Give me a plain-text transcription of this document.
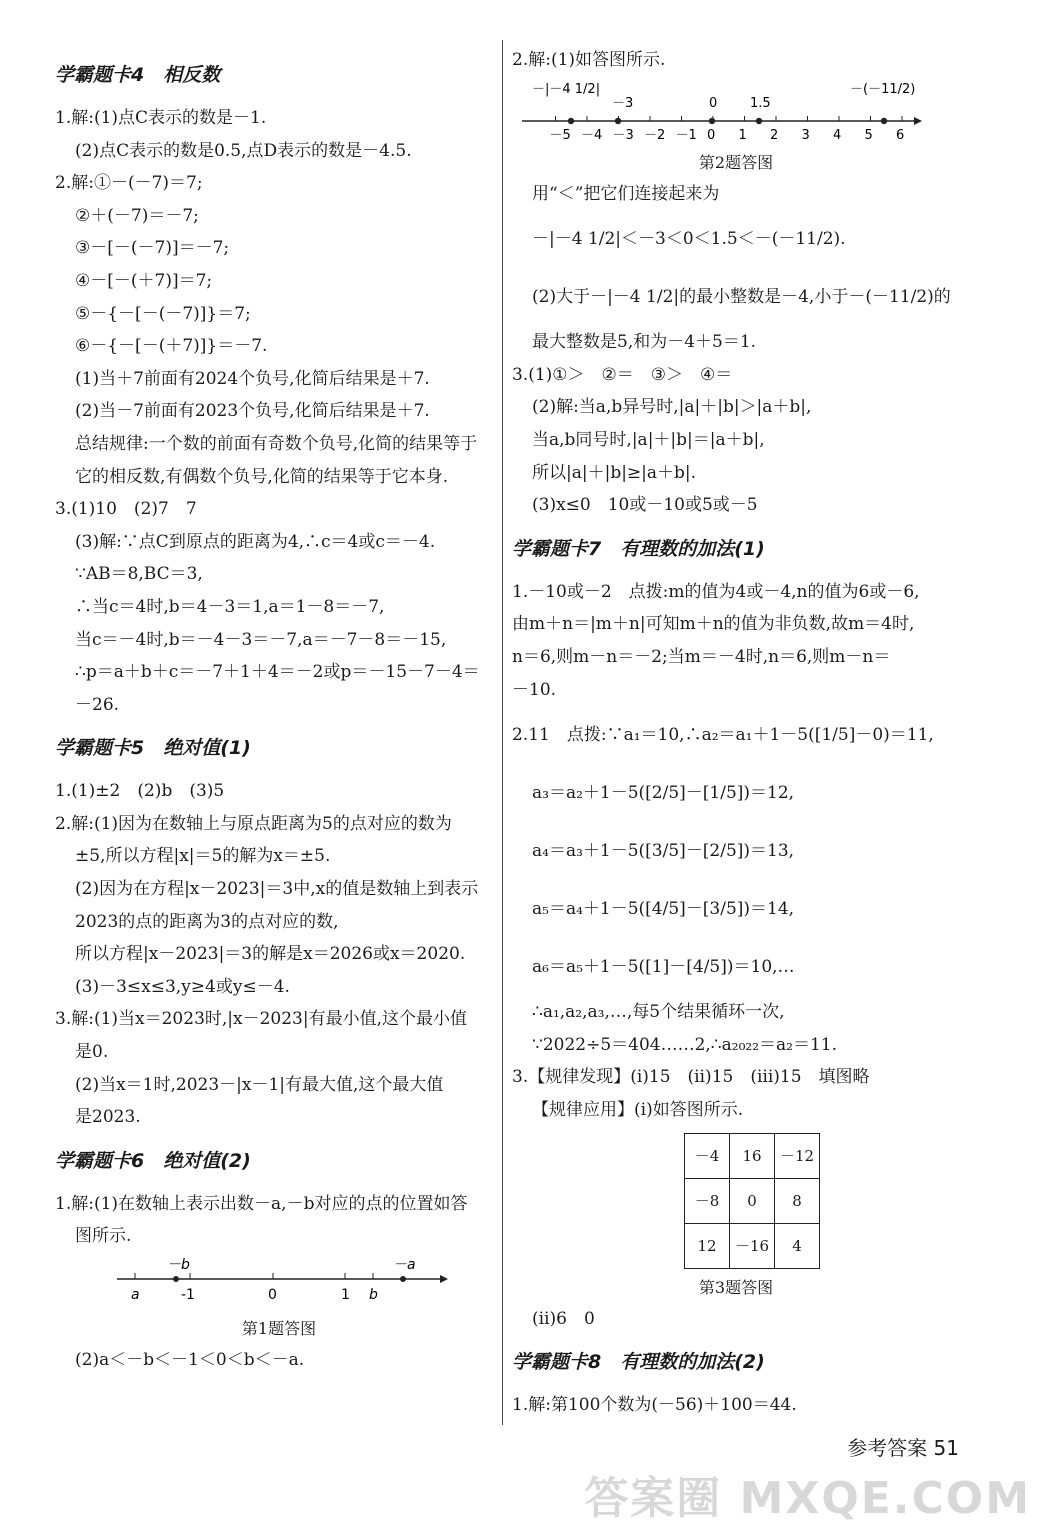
学霸题卡4　相反数
1.解:(1)点C表示的数是－1.
(2)点C表示的数是0.5,点D表示的数是－4.5.
2.解:①－(－7)＝7;
②＋(－7)＝－7;
③－[－(－7)]＝－7;
④－[－(＋7)]＝7;
⑤－{－[－(－7)]}＝7;
⑥－{－[－(＋7)]}＝－7.
(1)当＋7前面有2024个负号,化简后结果是＋7.
(2)当－7前面有2023个负号,化简后结果是＋7.
总结规律:一个数的前面有奇数个负号,化简的结果等于
它的相反数,有偶数个负号,化简的结果等于它本身.
3.(1)10　(2)7　7
(3)解:∵点C到原点的距离为4,∴c＝4或c＝－4.
∵AB＝8,BC＝3,
∴当c＝4时,b＝4－3＝1,a＝1－8＝－7,
当c＝－4时,b＝－4－3＝－7,a＝－7－8＝－15,
∴p＝a＋b＋c＝－7＋1＋4＝－2或p＝－15－7－4＝
－26.
学霸题卡5　绝对值(1)
1.(1)±2　(2)b　(3)5
2.解:(1)因为在数轴上与原点距离为5的点对应的数为
±5,所以方程|x|＝5的解为x＝±5.
(2)因为在方程|x－2023|＝3中,x的值是数轴上到表示
2023的点的距离为3的点对应的数,
所以方程|x－2023|＝3的解是x＝2026或x＝2020.
(3)－3≤x≤3,y≥4或y≤－4.
3.解:(1)当x＝2023时,|x－2023|有最小值,这个最小值
是0.
(2)当x＝1时,2023－|x－1|有最大值,这个最大值
是2023.
学霸题卡6　绝对值(2)
1.解:(1)在数轴上表示出数－a,－b对应的点的位置如答
图所示.
－b	－a
a	-1	0	1 b
第1题答图
(2)a＜－b＜－1＜0＜b＜－a.
2.解:(1)如答图所示.
－|－4 1/2|
－3	0	1.5
－(－11/2)
－5 －4 －3 －2 －1 0 1 2 3 4 5 6
第2题答图
用“＜”把它们连接起来为
－|－4 1/2|＜－3＜0＜1.5＜－(－11/2).
(2)大于－|－4 1/2|的最小整数是－4,小于－(－11/2)的
最大整数是5,和为－4＋5＝1.
3.(1)①＞　②＝　③＞　④＝
(2)解:当a,b异号时,|a|＋|b|＞|a＋b|,
当a,b同号时,|a|＋|b|＝|a＋b|,
所以|a|＋|b|≥|a＋b|.
(3)x≤0　10或－10或5或－5
学霸题卡7　有理数的加法(1)
1.－10或－2　点拨:m的值为4或－4,n的值为6或－6,
由m＋n＝|m＋n|可知m＋n的值为非负数,故m＝4时,
n＝6,则m－n＝－2;当m＝－4时,n＝6,则m－n＝
－10.
2.11　点拨:∵a₁＝10,∴a₂＝a₁＋1－5([1/5]－0)＝11,
a₃＝a₂＋1－5([2/5]－[1/5])＝12,
a₄＝a₃＋1－5([3/5]－[2/5])＝13,
a₅＝a₄＋1－5([4/5]－[3/5])＝14,
a₆＝a₅＋1－5([1]－[4/5])＝10,…
∴a₁,a₂,a₃,…,每5个结果循环一次,
∵2022÷5＝404……2,∴a₂₀₂₂＝a₂＝11.
3.【规律发现】(ⅰ)15　(ⅱ)15　(ⅲ)15　填图略
【规律应用】(ⅰ)如答图所示.
－4	16	－12
－8	0	8
12	－16	4
第3题答图
(ⅱ)6　0
学霸题卡8　有理数的加法(2)
1.解:第100个数为(－56)＋100＝44.
参考答案 51
答案圈 MXQE.COM
